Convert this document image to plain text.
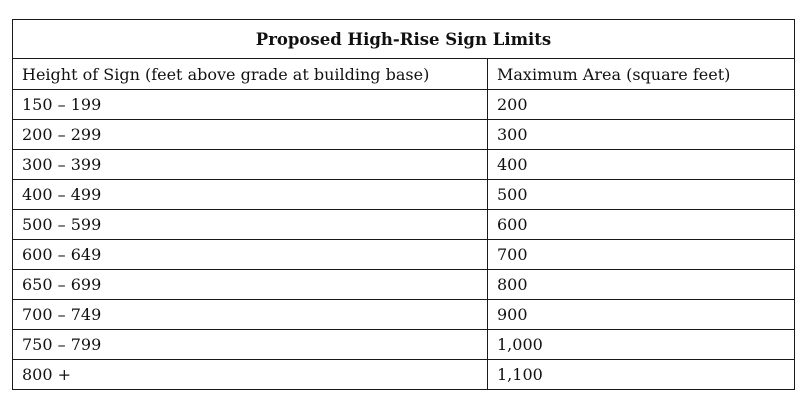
Proposed High-Rise Sign Limits	
Height of Sign (feet above grade at building base)	Maximum Area (square feet)
150 – 199	200
200 – 299	300
300 – 399	400
400 – 499	500
500 – 599	600
600 – 649	700
650 – 699	800
700 – 749	900
750 – 799	1,000
800 +	1,100
